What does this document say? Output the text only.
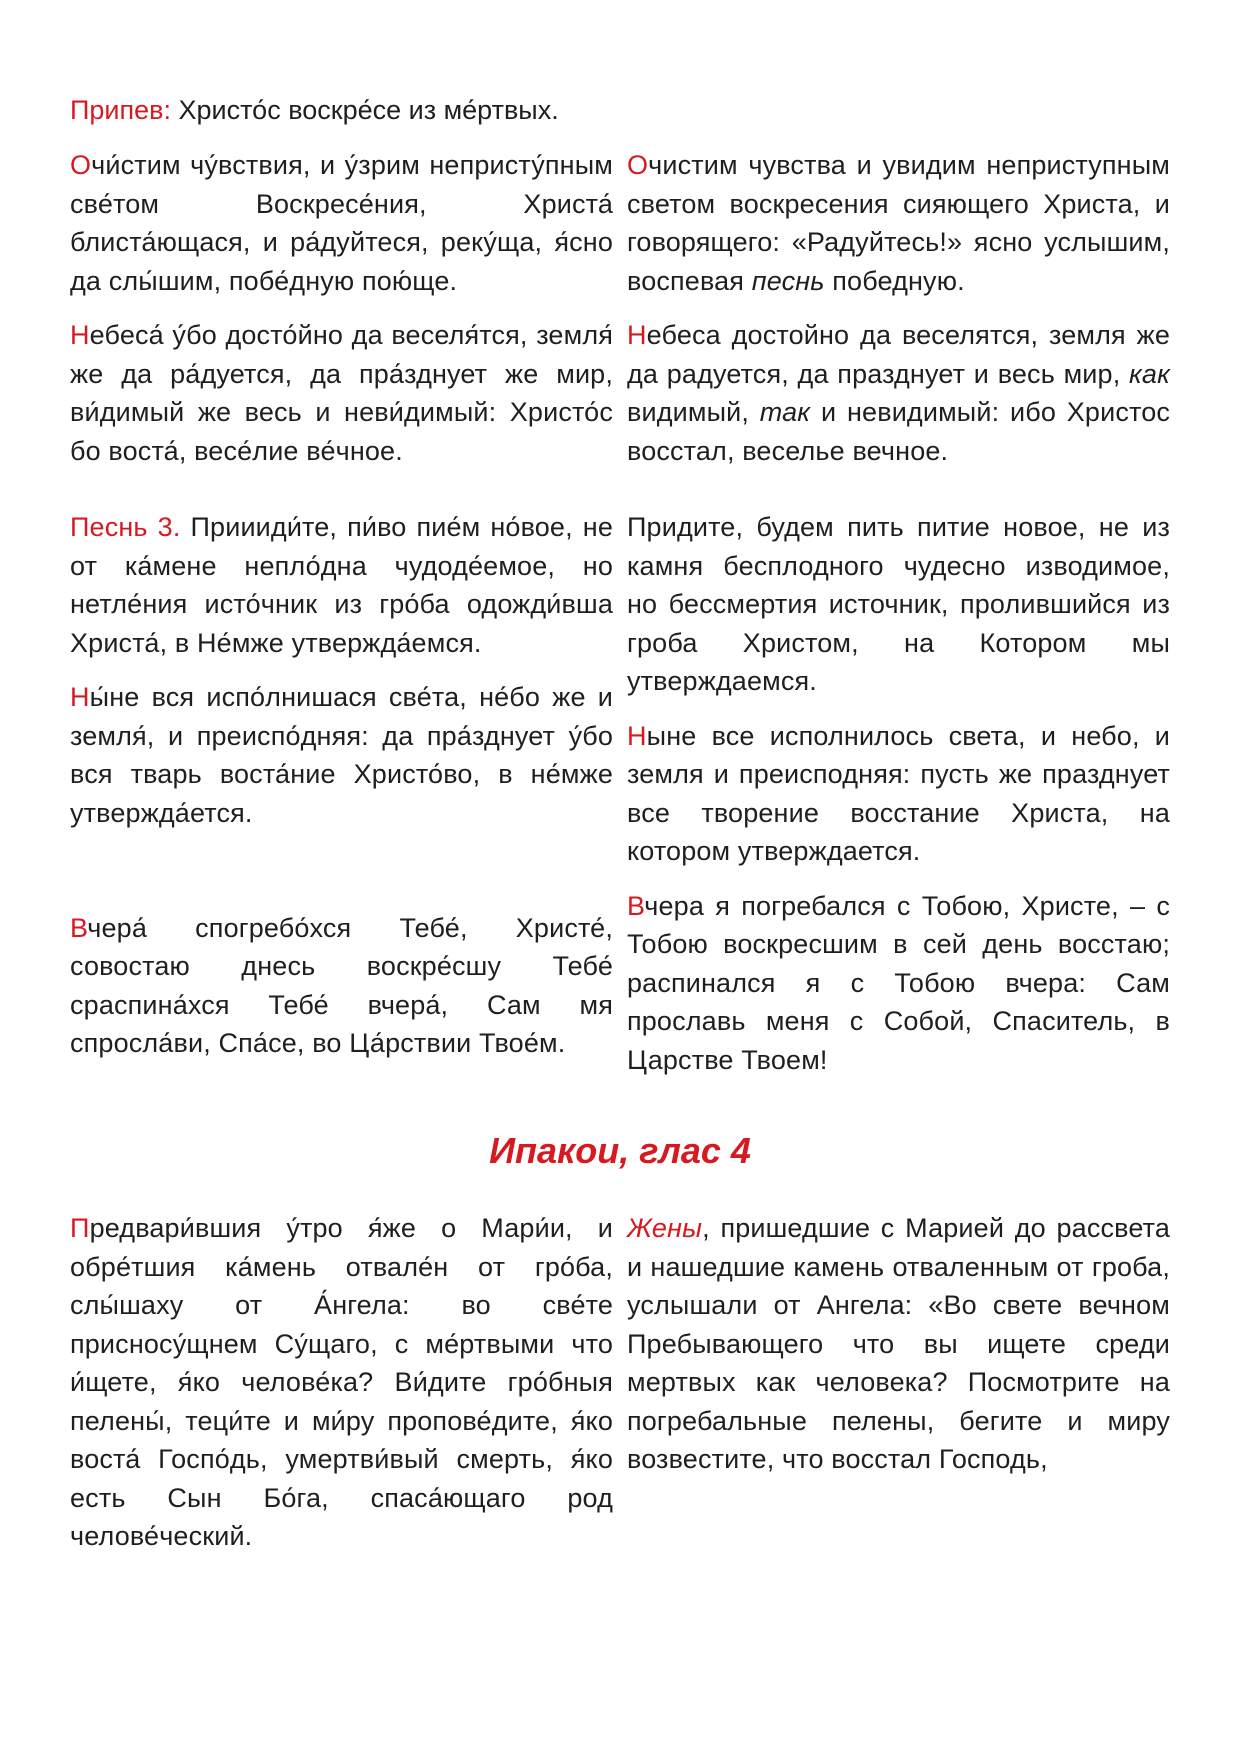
Припев: Христо́с воскре́се из ме́ртвых.

Очи́стим чу́вствия, и у́зрим непристу́пным све́том Воскресе́ния, Христа́ блиста́ющася, и ра́дуйтеся, реку́ща, я́сно да слы́шим, побе́дную пою́ще.

Небеса́ у́бо досто́йно да веселя́тся, земля́ же да ра́дуется, да пра́зднует же мир, ви́димый же весь и неви́димый: Христо́с бо воста́, весе́лие ве́чное.

Очистим чувства и увидим неприступным светом воскресения сияющего Христа, и говорящего: «Радуйтесь!» ясно услышим, воспевая песнь победную.

Небеса достойно да веселятся, земля же да радуется, да празднует и весь мир, как видимый, так и невидимый: ибо Христос восстал, веселье вечное.

Песнь 3. Приииди́те, пи́во пие́м но́вое, не от ка́мене непло́дна чудоде́емое, но нетле́ния исто́чник из гро́ба одожди́вша Христа́, в Не́мже утвержда́емся.

Ны́не вся испо́лнишася све́та, не́бо же и земля́, и преиспо́дняя: да пра́зднует у́бо вся тварь воста́ние Христо́во, в не́мже утвержда́ется.

Придите, будем пить питие новое, не из камня бесплодного чудесно изводимое, но бессмертия источник, пролившийся из гроба Христом, на Котором мы утверждаемся.

Ныне все исполнилось света, и небо, и земля и преисподняя: пусть же празднует все творение восстание Христа, на котором утверждается.

Вчера́ спогребо́хся Тебе́, Христе́, совостаю днесь воскре́сшу Тебе́ сраспина́хся Тебе́ вчера́, Сам мя спросла́ви, Спа́се, во Ца́рствии Твое́м.

Вчера я погребался с Тобою, Христе, – с Тобою воскресшим в сей день восстаю; распинался я с Тобою вчера: Сам прославь меня с Собой, Спаситель, в Царстве Твоем!

Ипакои, глас 4

Предвари́вшия у́тро я́же о Мари́и, и обре́тшия ка́мень отвале́н от гро́ба, слы́шаху от А́нгела: во све́те присносу́щнем Су́щаго, с ме́ртвыми что и́щете, я́ко челове́ка? Ви́дите гро́бныя пелены́, теци́те и ми́ру пропове́дите, я́ко воста́ Госпо́дь, умертви́вый смерть, я́ко есть Сын Бо́га, спаса́ющаго род челове́ческий.

Жены, пришедшие с Марией до рассвета и нашедшие камень отваленным от гроба, услышали от Ангела: «Во свете вечном Пребывающего что вы ищете среди мертвых как человека? Посмотрите на погребальные пелены, бегите и миру возвестите, что восстал Господь,
